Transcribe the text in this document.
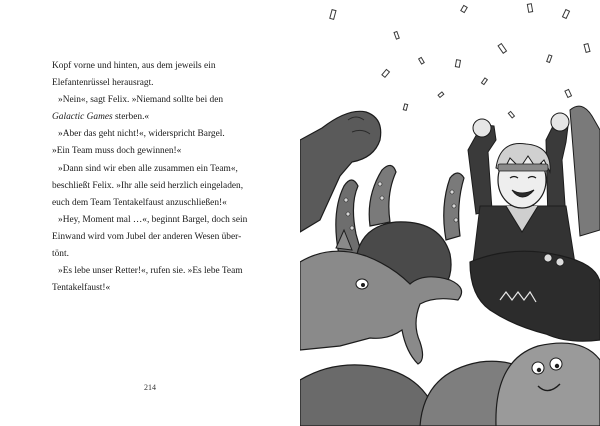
Kopf vorne und hinten, aus dem jeweils ein
Elefantenrüssel herausragt.
»Nein«, sagt Felix. »Niemand sollte bei den
Galactic Games sterben.«
»Aber das geht nicht!«, widerspricht Bargel.
»Ein Team muss doch gewinnen!«
»Dann sind wir eben alle zusammen ein Team«,
beschließt Felix. »Ihr alle seid herzlich eingeladen,
euch dem Team Tentakelfaust anzuschließen!«
»Hey, Moment mal …«, beginnt Bargel, doch sein
Einwand wird vom Jubel der anderen Wesen über-
tönt.
»Es lebe unser Retter!«, rufen sie. »Es lebe Team
Tentakelfaust!«
214
